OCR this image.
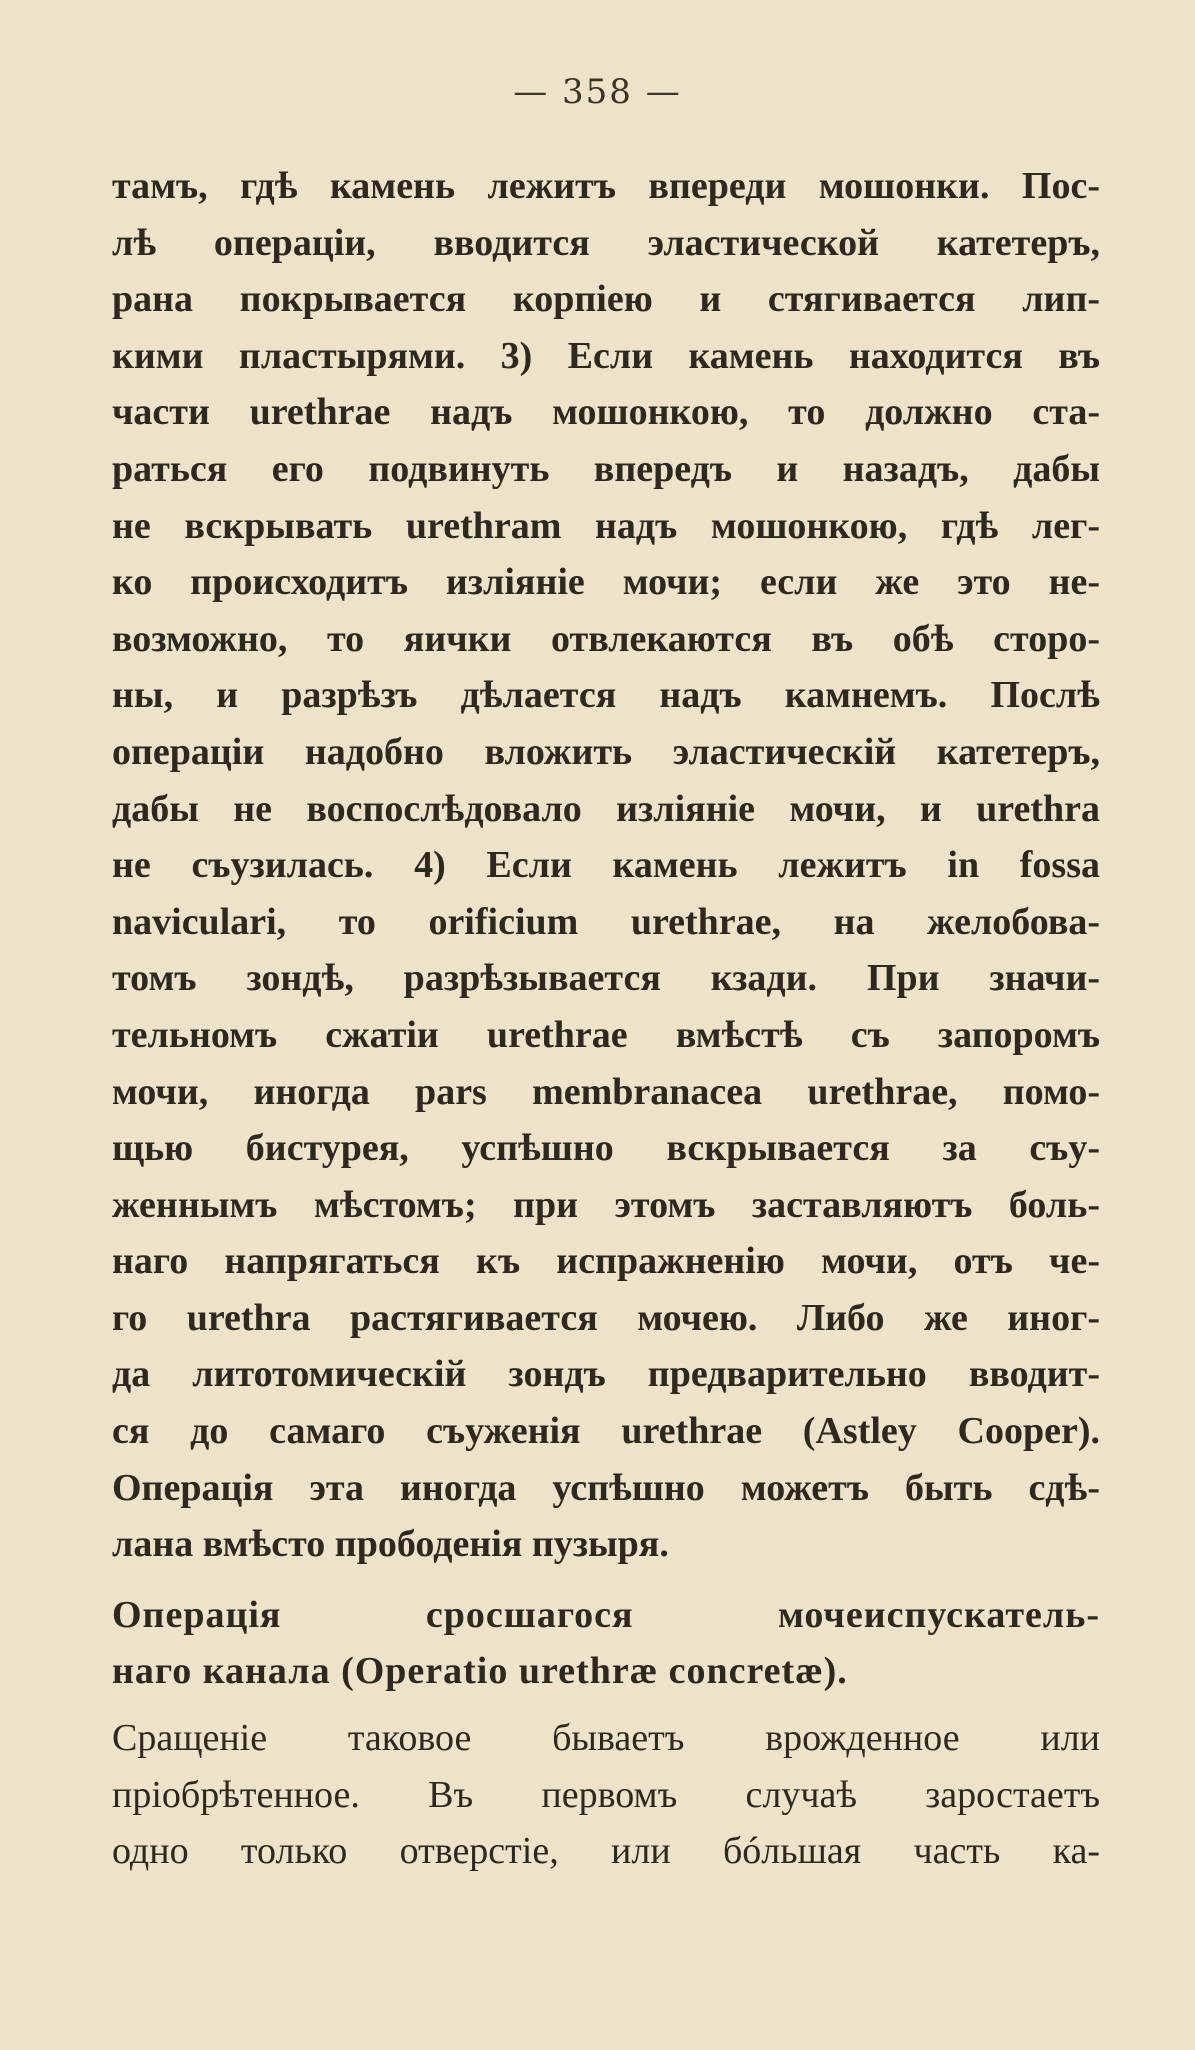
— 358 —
тамъ, гдѣ камень лежитъ впереди мошонки. Пос-
лѣ операціи, вводится эластической катетеръ,
рана покрывается корпіею и стягивается лип-
кими пластырями. 3) Если камень находится въ
части urethrae надъ мошонкою, то должно ста-
раться его подвинуть впередъ и назадъ, дабы
не вскрывать urethram надъ мошонкою, гдѣ лег-
ко происходитъ изліяніе мочи; если же это не-
возможно, то яички отвлекаются въ обѣ сторо-
ны, и разрѣзъ дѣлается надъ камнемъ. Послѣ
операціи надобно вложить эластическій катетеръ,
дабы не воспослѣдовало изліяніе мочи, и urethra
не съузилась. 4) Если камень лежитъ in fossa
naviculari, то orificium urethrae, на желобова-
томъ зондѣ, разрѣзывается кзади. При значи-
тельномъ сжатіи urethrae вмѣстѣ съ запоромъ
мочи, иногда pars membranacea urethrae, помо-
щью бистурея, успѣшно вскрывается за съу-
женнымъ мѣстомъ; при этомъ заставляютъ боль-
наго напрягаться къ испражненію мочи, отъ че-
го urethra растягивается мочею. Либо же иног-
да литотомическій зондъ предварительно вводит-
ся до самаго съуженія urethrae (Astley Cooper).
Операція эта иногда успѣшно можетъ быть сдѣ-
лана вмѣсто прободенія пузыря.
Операція сросшагося мочеиспускатель-
наго канала (Operatio urethræ concretæ).
Сращеніе таковое бываетъ врожденное или
пріобрѣтенное. Въ первомъ случаѣ заростаетъ
одно только отверстіе, или бóльшая часть ка-
